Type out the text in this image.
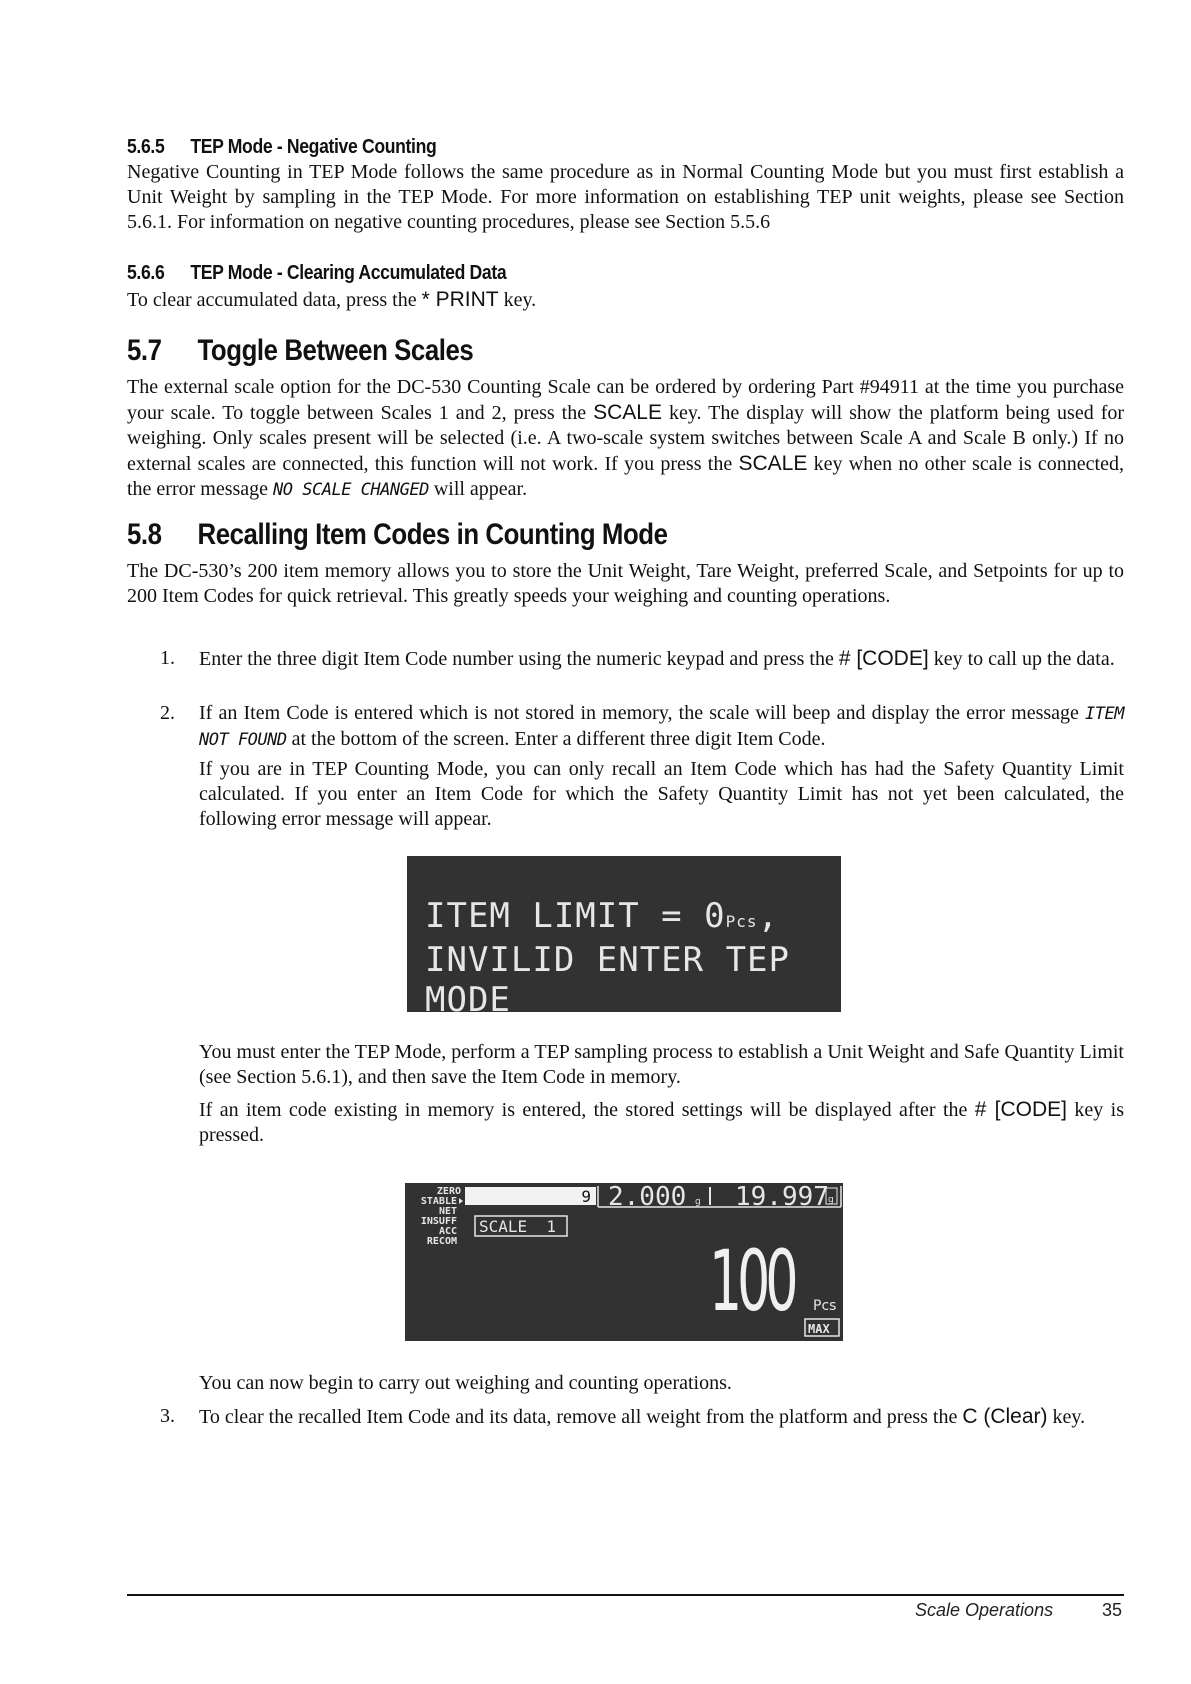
5.6.5 TEP Mode - Negative Counting
Negative Counting in TEP Mode follows the same procedure as in Normal Counting Mode but you must first establish a Unit Weight by sampling in the TEP Mode. For more information on establishing TEP unit weights, please see Section 5.6.1. For information on negative counting procedures, please see Section 5.5.6
5.6.6 TEP Mode - Clearing Accumulated Data
To clear accumulated data, press the * PRINT key.
5.7 Toggle Between Scales
The external scale option for the DC-530 Counting Scale can be ordered by ordering Part #94911 at the time you purchase your scale. To toggle between Scales 1 and 2, press the SCALE key. The display will show the platform being used for weighing. Only scales present will be selected (i.e. A two-scale system switches between Scale A and Scale B only.) If no external scales are connected, this function will not work. If you press the SCALE key when no other scale is connected, the error message NO SCALE CHANGED will appear.
5.8 Recalling Item Codes in Counting Mode
The DC-530’s 200 item memory allows you to store the Unit Weight, Tare Weight, preferred Scale, and Setpoints for up to 200 Item Codes for quick retrieval. This greatly speeds your weighing and counting operations.
1. Enter the three digit Item Code number using the numeric keypad and press the # [CODE] key to call up the data.
2. If an Item Code is entered which is not stored in memory, the scale will beep and display the error message ITEM NOT FOUND at the bottom of the screen. Enter a different three digit Item Code.
If you are in TEP Counting Mode, you can only recall an Item Code which has had the Safety Quantity Limit calculated. If you enter an Item Code for which the Safety Quantity Limit has not yet been calculated, the following error message will appear.
ITEM LIMIT = 0Pcs,
INVILID ENTER TEP MODE
You must enter the TEP Mode, perform a TEP sampling process to establish a Unit Weight and Safe Quantity Limit (see Section 5.6.1), and then save the Item Code in memory.
If an item code existing in memory is entered, the stored settings will be displayed after the # [CODE] key is pressed.
ZERO
STABLE
NET
INSUFF
ACC
RECOM
9 2.000 g 19.997 g
SCALE  1
100 Pcs
MAX
You can now begin to carry out weighing and counting operations.
3. To clear the recalled Item Code and its data, remove all weight from the platform and press the C (Clear) key.
Scale Operations	35
